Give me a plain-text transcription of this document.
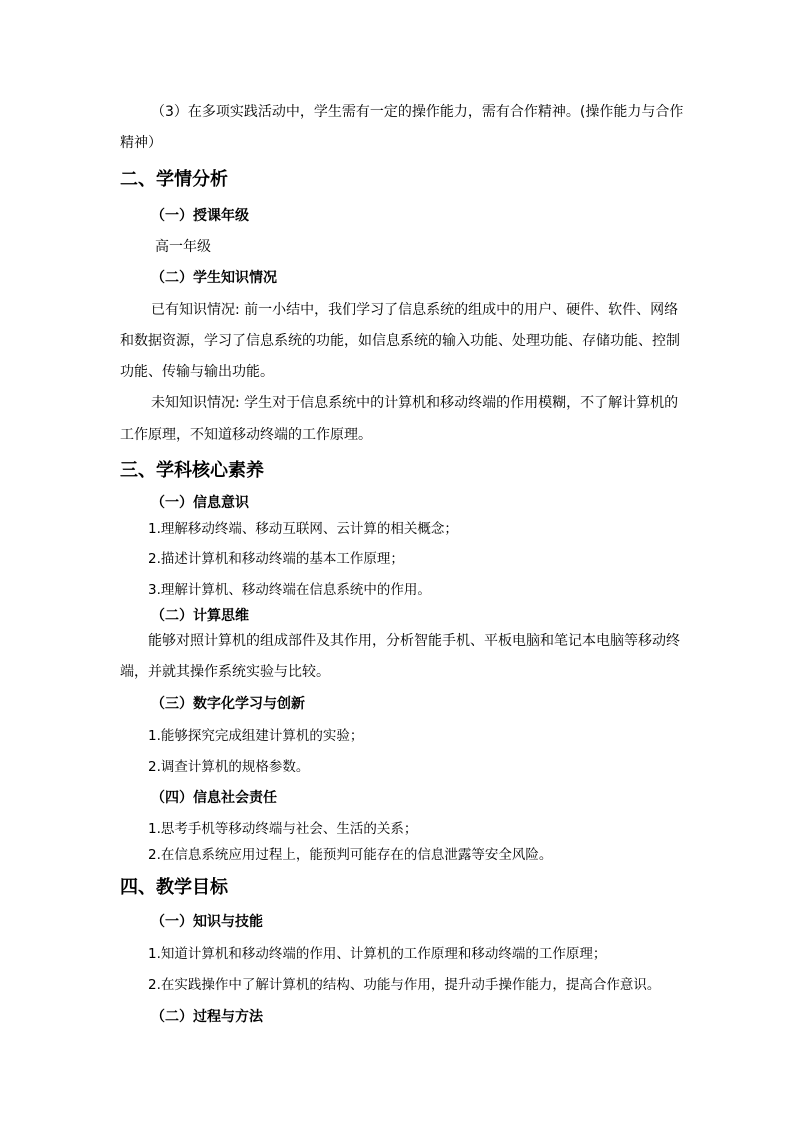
（3）在多项实践活动中，学生需有一定的操作能力，需有合作精神。(操作能力与合作
精神）
二、学情分析
（一）授课年级
高一年级
（二）学生知识情况
已有知识情况: 前一小结中，我们学习了信息系统的组成中的用户、硬件、软件、网络
和数据资源，学习了信息系统的功能，如信息系统的输入功能、处理功能、存储功能、控制
功能、传输与输出功能。
未知知识情况: 学生对于信息系统中的计算机和移动终端的作用模糊，不了解计算机的
工作原理，不知道移动终端的工作原理。
三、学科核心素养
（一）信息意识
1.理解移动终端、移动互联网、云计算的相关概念；
2.描述计算机和移动终端的基本工作原理；
3.理解计算机、移动终端在信息系统中的作用。
（二）计算思维
能够对照计算机的组成部件及其作用，分析智能手机、平板电脑和笔记本电脑等移动终
端，并就其操作系统实验与比较。
（三）数字化学习与创新
1.能够探究完成组建计算机的实验；
2.调查计算机的规格参数。
（四）信息社会责任
1.思考手机等移动终端与社会、生活的关系；
2.在信息系统应用过程上，能预判可能存在的信息泄露等安全风险。
四、教学目标
（一）知识与技能
1.知道计算机和移动终端的作用、计算机的工作原理和移动终端的工作原理；
2.在实践操作中了解计算机的结构、功能与作用，提升动手操作能力，提高合作意识。
（二）过程与方法
